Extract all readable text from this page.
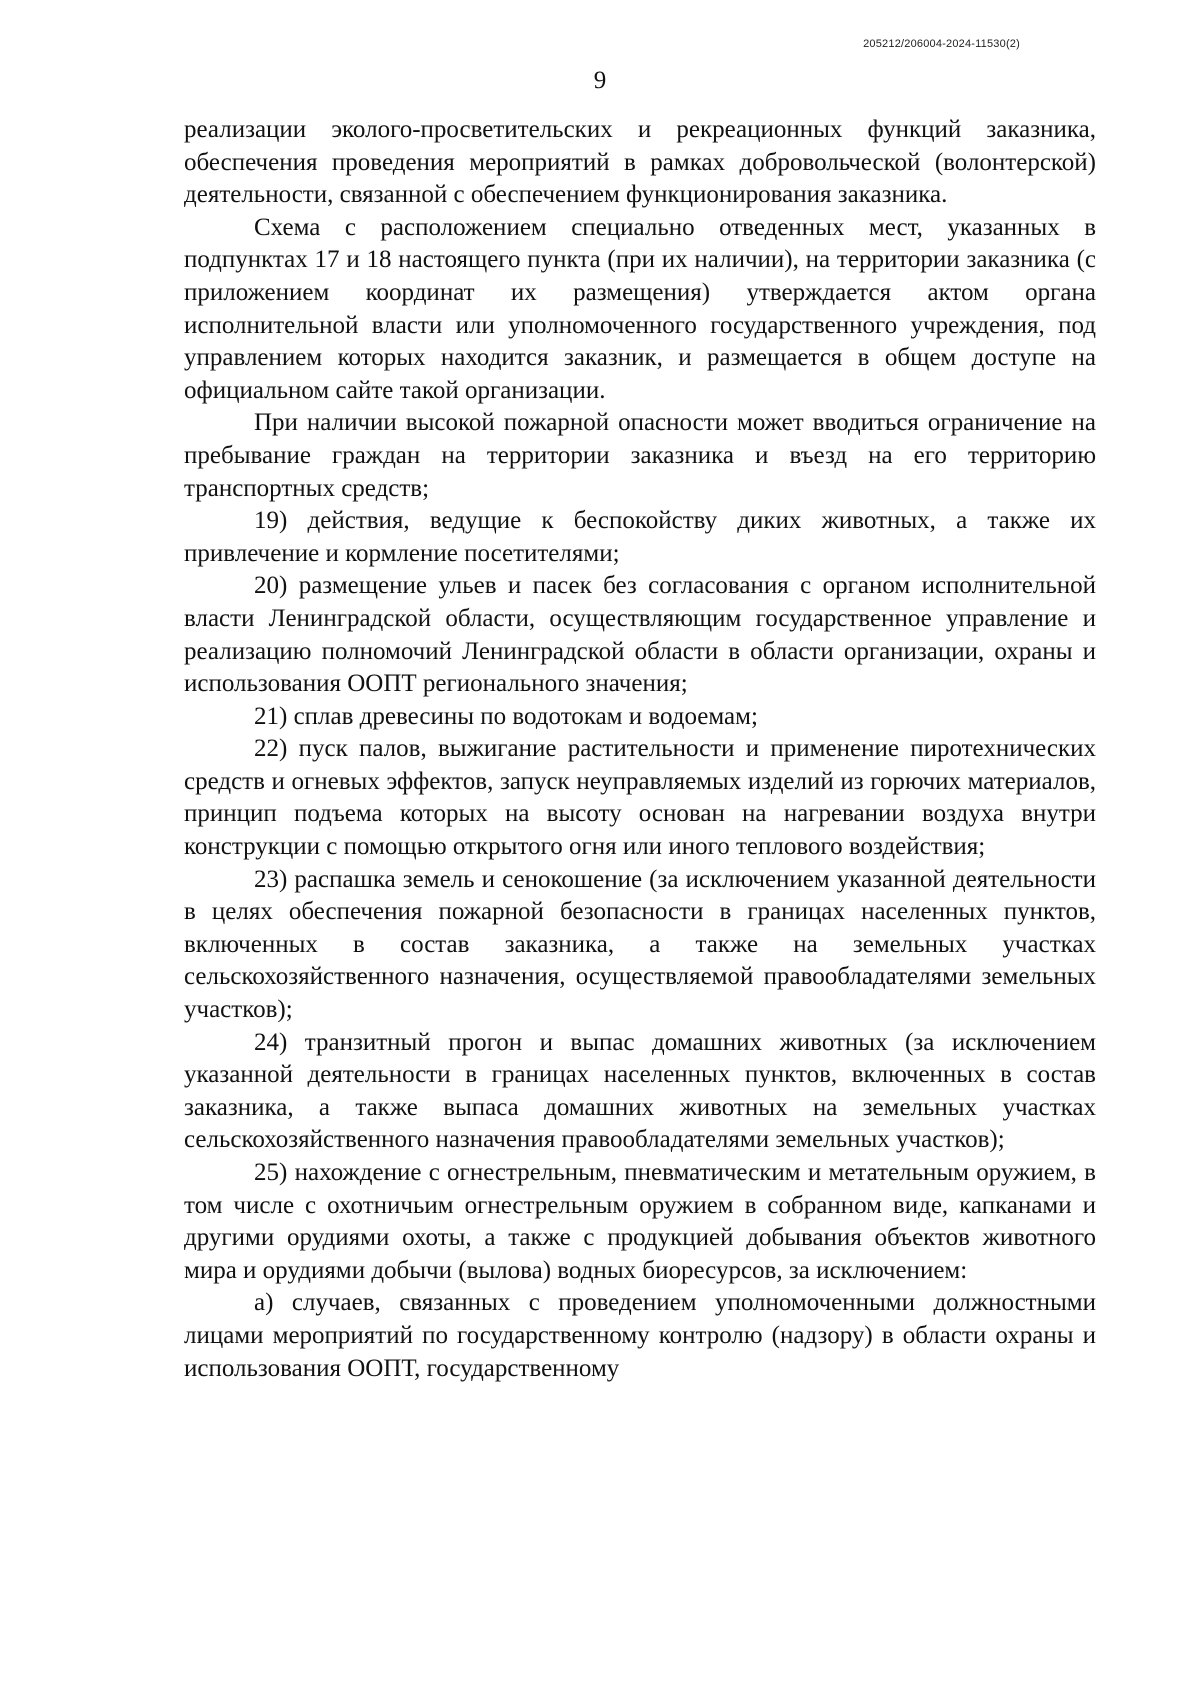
205212/206004-2024-11530(2)
9

реализации эколого-просветительских и рекреационных функций заказника, обеспечения проведения мероприятий в рамках добровольческой (волонтерской) деятельности, связанной с обеспечением функционирования заказника.

Схема с расположением специально отведенных мест, указанных в подпунктах 17 и 18 настоящего пункта (при их наличии), на территории заказника (с приложением координат их размещения) утверждается актом органа исполнительной власти или уполномоченного государственного учреждения, под управлением которых находится заказник, и размещается в общем доступе на официальном сайте такой организации.

При наличии высокой пожарной опасности может вводиться ограничение на пребывание граждан на территории заказника и въезд на его территорию транспортных средств;

19) действия, ведущие к беспокойству диких животных, а также их привлечение и кормление посетителями;

20) размещение ульев и пасек без согласования с органом исполнительной власти Ленинградской области, осуществляющим государственное управление и реализацию полномочий Ленинградской области в области организации, охраны и использования ООПТ регионального значения;

21) сплав древесины по водотокам и водоемам;

22) пуск палов, выжигание растительности и применение пиротехнических средств и огневых эффектов, запуск неуправляемых изделий из горючих материалов, принцип подъема которых на высоту основан на нагревании воздуха внутри конструкции с помощью открытого огня или иного теплового воздействия;

23) распашка земель и сенокошение (за исключением указанной деятельности в целях обеспечения пожарной безопасности в границах населенных пунктов, включенных в состав заказника, а также на земельных участках сельскохозяйственного назначения, осуществляемой правообладателями земельных участков);

24) транзитный прогон и выпас домашних животных (за исключением указанной деятельности в границах населенных пунктов, включенных в состав заказника, а также выпаса домашних животных на земельных участках сельскохозяйственного назначения правообладателями земельных участков);

25) нахождение с огнестрельным, пневматическим и метательным оружием, в том числе с охотничьим огнестрельным оружием в собранном виде, капканами и другими орудиями охоты, а также с продукцией добывания объектов животного мира и орудиями добычи (вылова) водных биоресурсов, за исключением:

а) случаев, связанных с проведением уполномоченными должностными лицами мероприятий по государственному контролю (надзору) в области охраны и использования ООПТ, государственному
